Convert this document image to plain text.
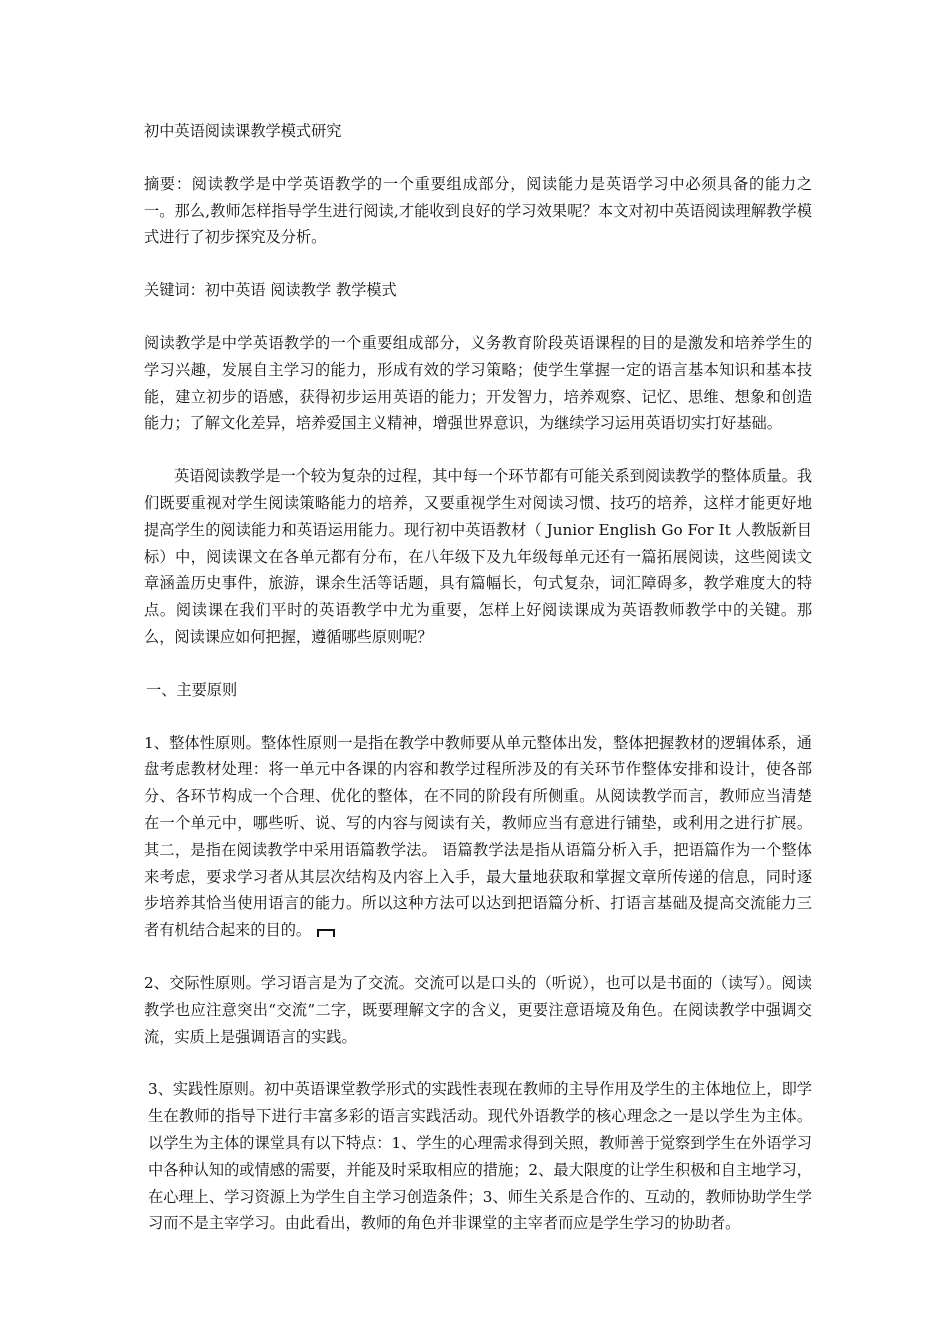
初中英语阅读课教学模式研究

摘要：阅读教学是中学英语教学的一个重要组成部分，阅读能力是英语学习中必须具备的能力之一。那么,教师怎样指导学生进行阅读,才能收到良好的学习效果呢？本文对初中英语阅读理解教学模式进行了初步探究及分析。

关键词：初中英语 阅读教学 教学模式

阅读教学是中学英语教学的一个重要组成部分，义务教育阶段英语课程的目的是激发和培养学生的学习兴趣，发展自主学习的能力，形成有效的学习策略；使学生掌握一定的语言基本知识和基本技能，建立初步的语感，获得初步运用英语的能力；开发智力，培养观察、记忆、思维、想象和创造能力；了解文化差异，培养爱国主义精神，增强世界意识，为继续学习运用英语切实打好基础。

英语阅读教学是一个较为复杂的过程，其中每一个环节都有可能关系到阅读教学的整体质量。我们既要重视对学生阅读策略能力的培养，又要重视学生对阅读习惯、技巧的培养，这样才能更好地提高学生的阅读能力和英语运用能力。现行初中英语教材（ Junior English Go For It 人教版新目标）中，阅读课文在各单元都有分布，在八年级下及九年级每单元还有一篇拓展阅读，这些阅读文章涵盖历史事件，旅游，课余生活等话题，具有篇幅长，句式复杂，词汇障碍多，教学难度大的特点。阅读课在我们平时的英语教学中尤为重要，怎样上好阅读课成为英语教师教学中的关键。那么，阅读课应如何把握，遵循哪些原则呢？

一、主要原则

1、整体性原则。整体性原则一是指在教学中教师要从单元整体出发，整体把握教材的逻辑体系，通盘考虑教材处理：将一单元中各课的内容和教学过程所涉及的有关环节作整体安排和设计，使各部分、各环节构成一个合理、优化的整体，在不同的阶段有所侧重。从阅读教学而言，教师应当清楚在一个单元中，哪些听、说、写的内容与阅读有关，教师应当有意进行铺垫，或利用之进行扩展。其二，是指在阅读教学中采用语篇教学法。 语篇教学法是指从语篇分析入手，把语篇作为一个整体来考虑，要求学习者从其层次结构及内容上入手，最大量地获取和掌握文章所传递的信息，同时逐步培养其恰当使用语言的能力。所以这种方法可以达到把语篇分析、打语言基础及提高交流能力三者有机结合起来的目的。

2、交际性原则。学习语言是为了交流。交流可以是口头的（听说），也可以是书面的（读写）。阅读教学也应注意突出“交流”二字，既要理解文字的含义，更要注意语境及角色。在阅读教学中强调交流，实质上是强调语言的实践。

3、实践性原则。初中英语课堂教学形式的实践性表现在教师的主导作用及学生的主体地位上，即学生在教师的指导下进行丰富多彩的语言实践活动。现代外语教学的核心理念之一是以学生为主体。以学生为主体的课堂具有以下特点：1、学生的心理需求得到关照，教师善于觉察到学生在外语学习中各种认知的或情感的需要，并能及时采取相应的措施；2、最大限度的让学生积极和自主地学习，在心理上、学习资源上为学生自主学习创造条件；3、师生关系是合作的、互动的，教师协助学生学习而不是主宰学习。由此看出，教师的角色并非课堂的主宰者而应是学生学习的协助者。
